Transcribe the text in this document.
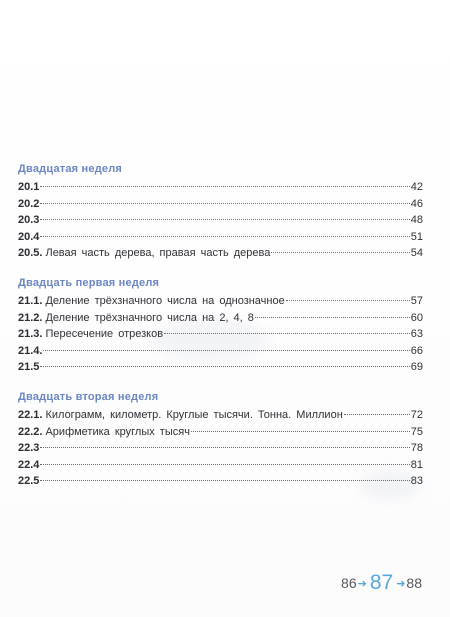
Двадцатая неделя
20.1	42
20.2	46
20.3	48
20.4	51
20.5. Левая часть дерева, правая часть дерева	54
Двадцать первая неделя
21.1. Деление трёхзначного числа на однозначное	57
21.2. Деление трёхзначного числа на 2, 4, 8	60
21.3. Пересечение отрезков	63
21.4.	66
21.5	69
Двадцать вторая неделя
22.1. Килограмм, километр. Круглые тысячи. Тонна. Миллион	72
22.2. Арифметика круглых тысяч	75
22.3	78
22.4	81
22.5	83
86 ➜ 87 ➜ 88
